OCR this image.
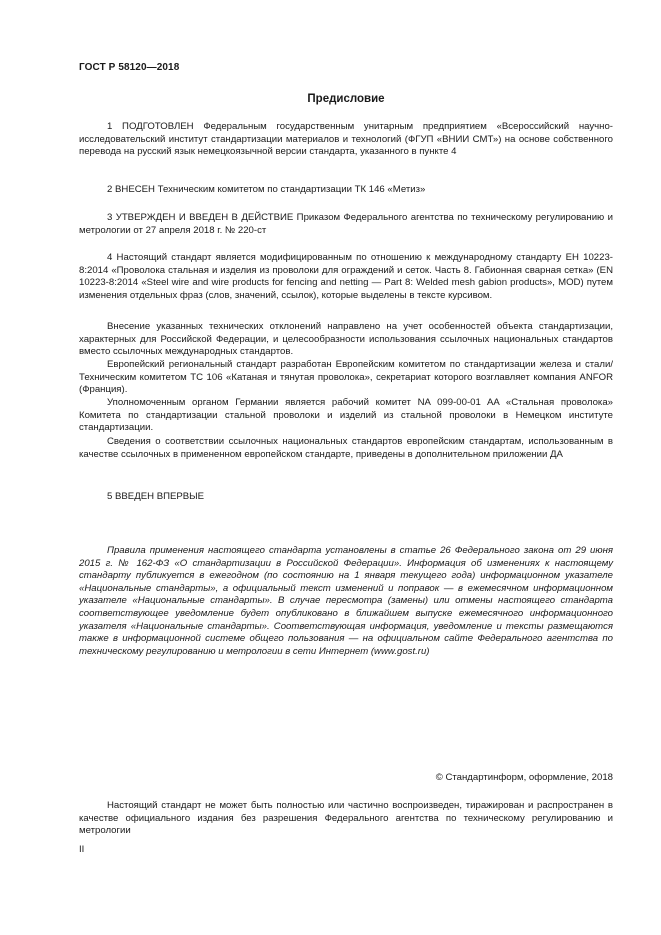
ГОСТ Р 58120—2018
Предисловие

1 ПОДГОТОВЛЕН Федеральным государственным унитарным предприятием «Всероссийский научно-исследовательский институт стандартизации материалов и технологий (ФГУП «ВНИИ СМТ») на основе собственного перевода на русский язык немецкоязычной версии стандарта, указанного в пункте 4

2 ВНЕСЕН Техническим комитетом по стандартизации ТК 146 «Метиз»

3 УТВЕРЖДЕН И ВВЕДЕН В ДЕЙСТВИЕ Приказом Федерального агентства по техническому регулированию и метрологии от 27 апреля 2018 г. № 220-ст

4 Настоящий стандарт является модифицированным по отношению к международному стандарту ЕН 10223-8:2014 «Проволока стальная и изделия из проволоки для ограждений и сеток. Часть 8. Габионная сварная сетка» (EN 10223-8:2014 «Steel wire and wire products for fencing and netting — Part 8: Welded mesh gabion products», MOD) путем изменения отдельных фраз (слов, значений, ссылок), которые выделены в тексте курсивом.

Внесение указанных технических отклонений направлено на учет особенностей объекта стандартизации, характерных для Российской Федерации, и целесообразности использования ссылочных национальных стандартов вместо ссылочных международных стандартов.

Европейский региональный стандарт разработан Европейским комитетом по стандартизации железа и стали/Техническим комитетом ТС 106 «Катаная и тянутая проволока», секретариат которого возглавляет компания ANFOR (Франция).

Уполномоченным органом Германии является рабочий комитет NA 099-00-01 AA «Стальная проволока» Комитета по стандартизации стальной проволоки и изделий из стальной проволоки в Немецком институте стандартизации.

Сведения о соответствии ссылочных национальных стандартов европейским стандартам, использованным в качестве ссылочных в примененном европейском стандарте, приведены в дополнительном приложении ДА

5 ВВЕДЕН ВПЕРВЫЕ

Правила применения настоящего стандарта установлены в статье 26 Федерального закона от 29 июня 2015 г. № 162-ФЗ «О стандартизации в Российской Федерации». Информация об изменениях к настоящему стандарту публикуется в ежегодном (по состоянию на 1 января текущего года) информационном указателе «Национальные стандарты», а официальный текст изменений и поправок — в ежемесячном информационном указателе «Национальные стандарты». В случае пересмотра (замены) или отмены настоящего стандарта соответствующее уведомление будет опубликовано в ближайшем выпуске ежемесячного информационного указателя «Национальные стандарты». Соответствующая информация, уведомление и тексты размещаются также в информационной системе общего пользования — на официальном сайте Федерального агентства по техническому регулированию и метрологии в сети Интернет (www.gost.ru)

© Стандартинформ, оформление, 2018

Настоящий стандарт не может быть полностью или частично воспроизведен, тиражирован и распространен в качестве официального издания без разрешения Федерального агентства по техническому регулированию и метрологии

II
